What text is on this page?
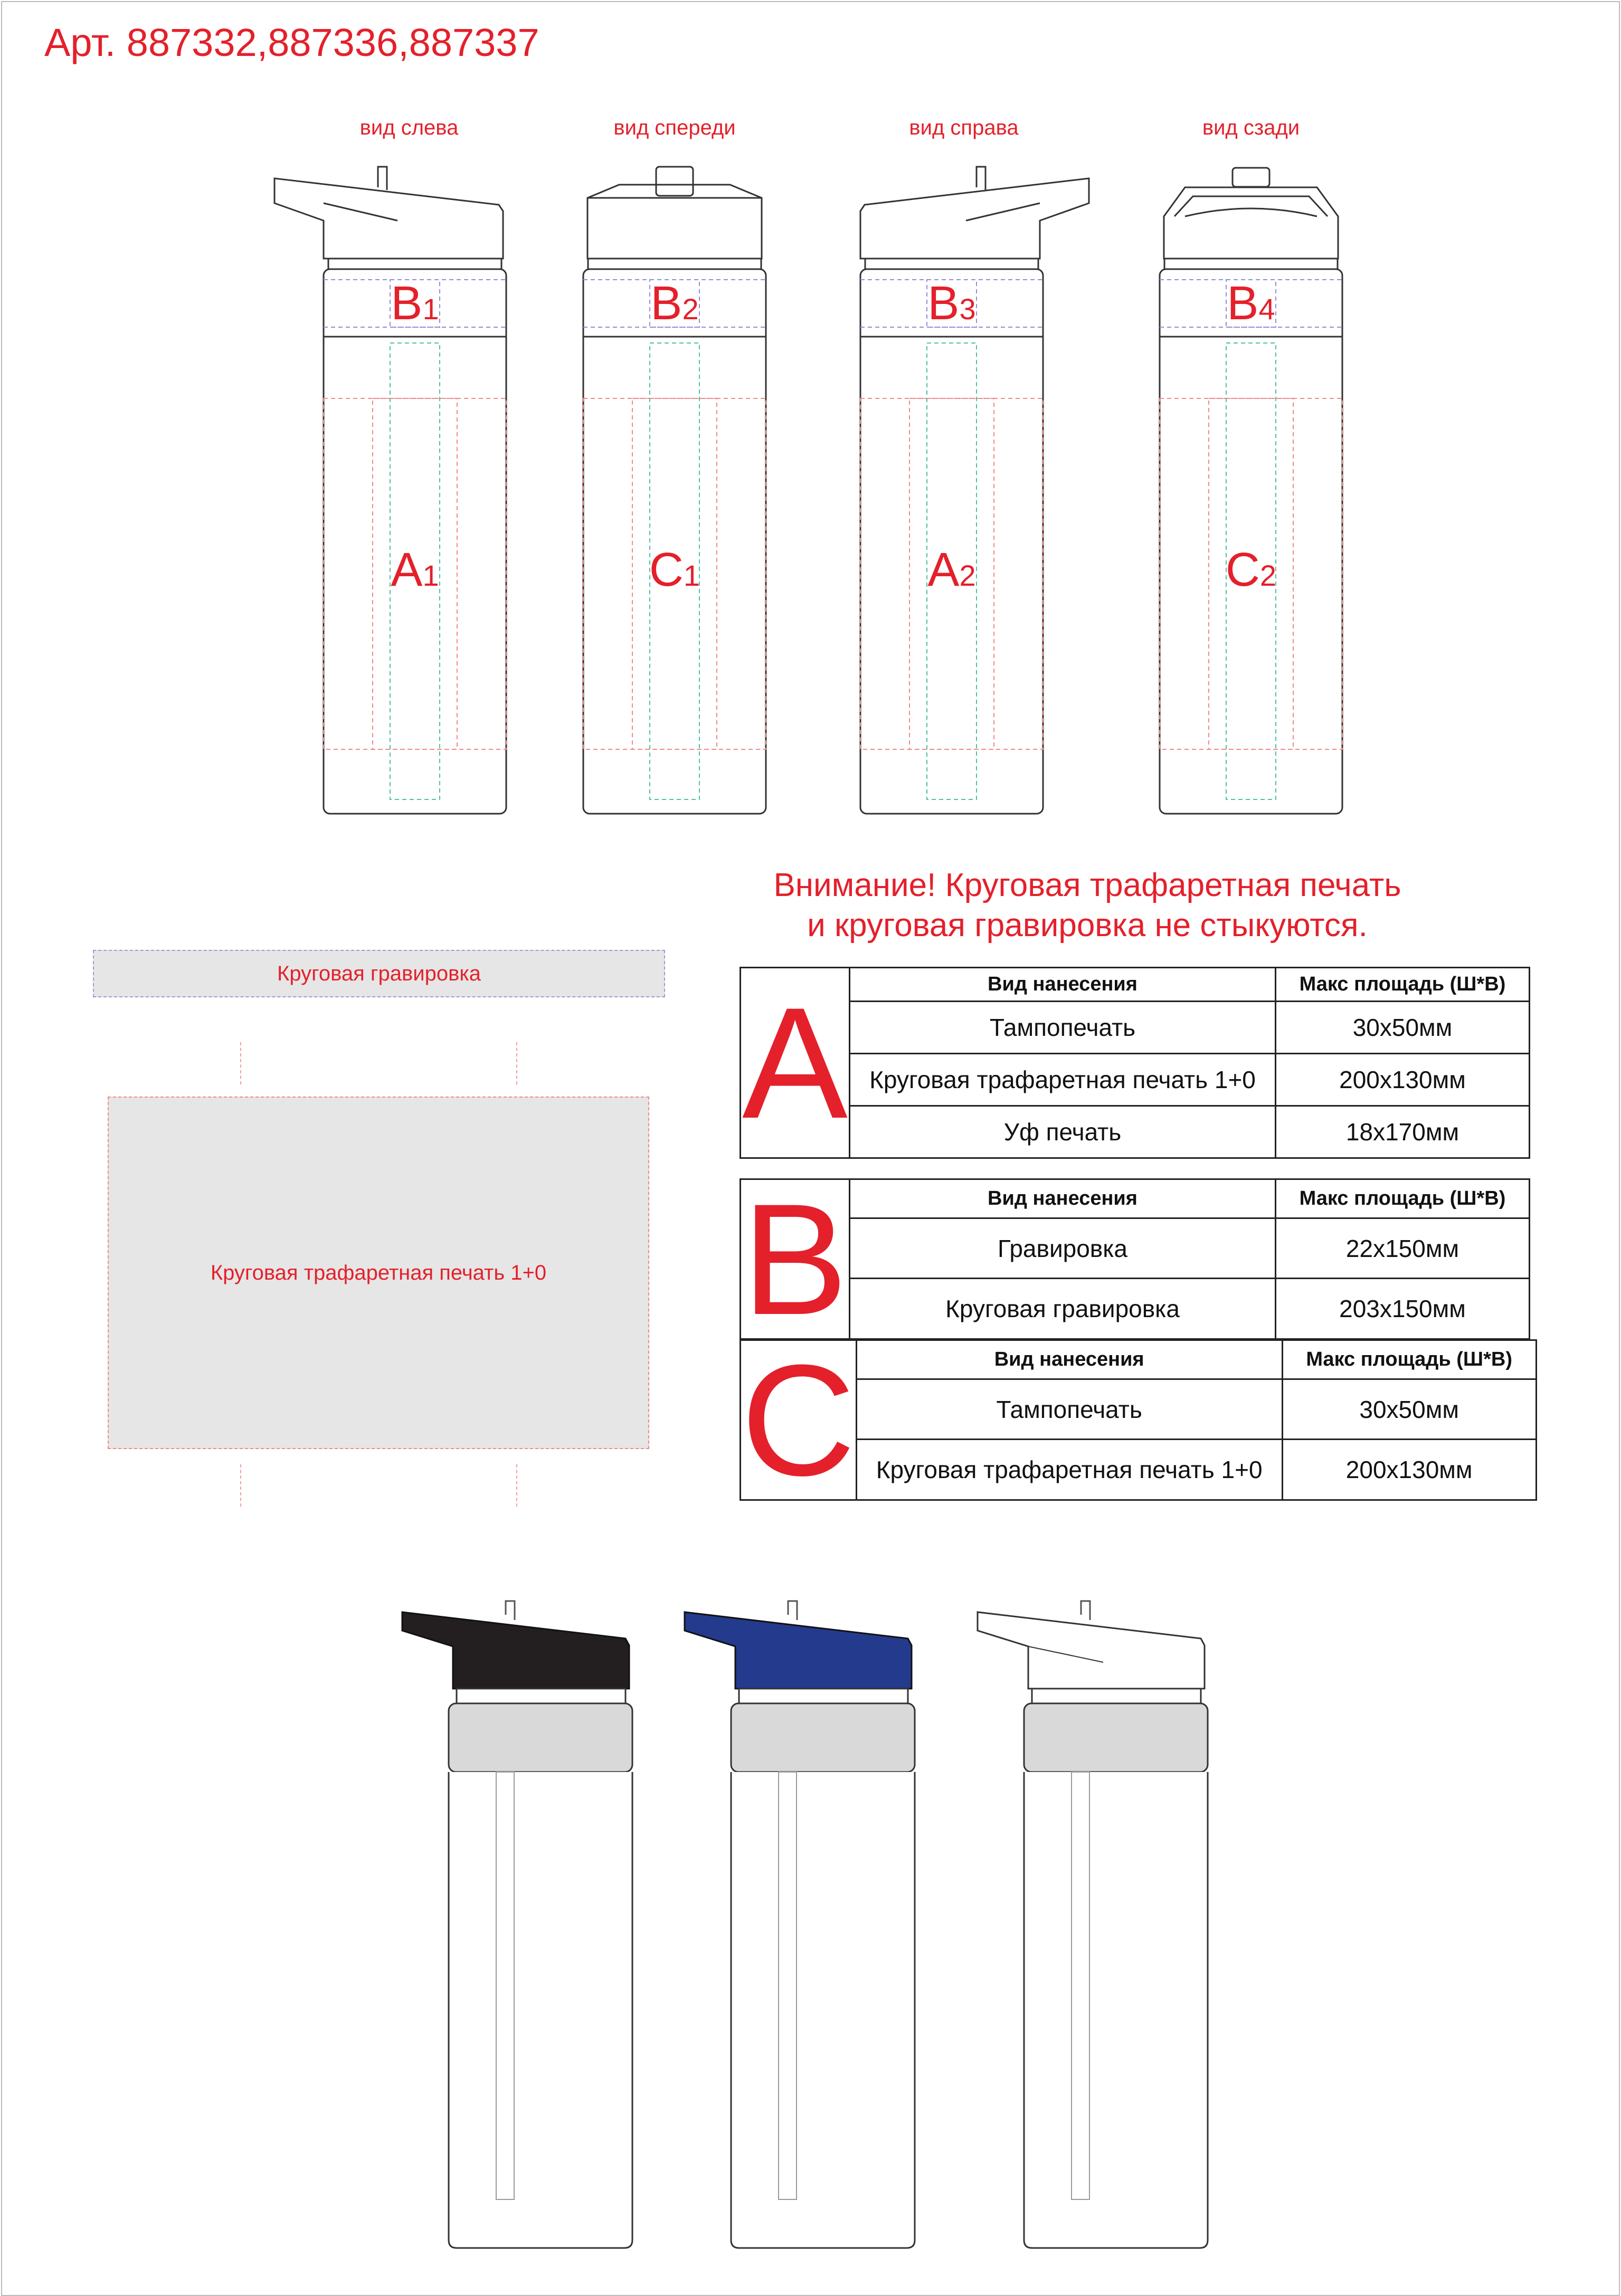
Арт. 887332,887336,887337
вид слева	вид спереди	вид справа	вид сзади
B1	B2	B3	B4
A1	C1	A2	C2
Внимание! Круговая трафаретная печать
и круговая гравировка не стыкуются.
Круговая гравировка
Круговая трафаретная печать 1+0
A	Вид нанесения	Макс площадь (Ш*В)
	Тампопечать	30x50мм
	Круговая трафаретная печать 1+0	200x130мм
	Уф печать	18x170мм
B	Вид нанесения	Макс площадь (Ш*В)
	Гравировка	22x150мм
	Круговая гравировка	203x150мм
C	Вид нанесения	Макс площадь (Ш*В)
	Тампопечать	30x50мм
	Круговая трафаретная печать 1+0	200x130мм
